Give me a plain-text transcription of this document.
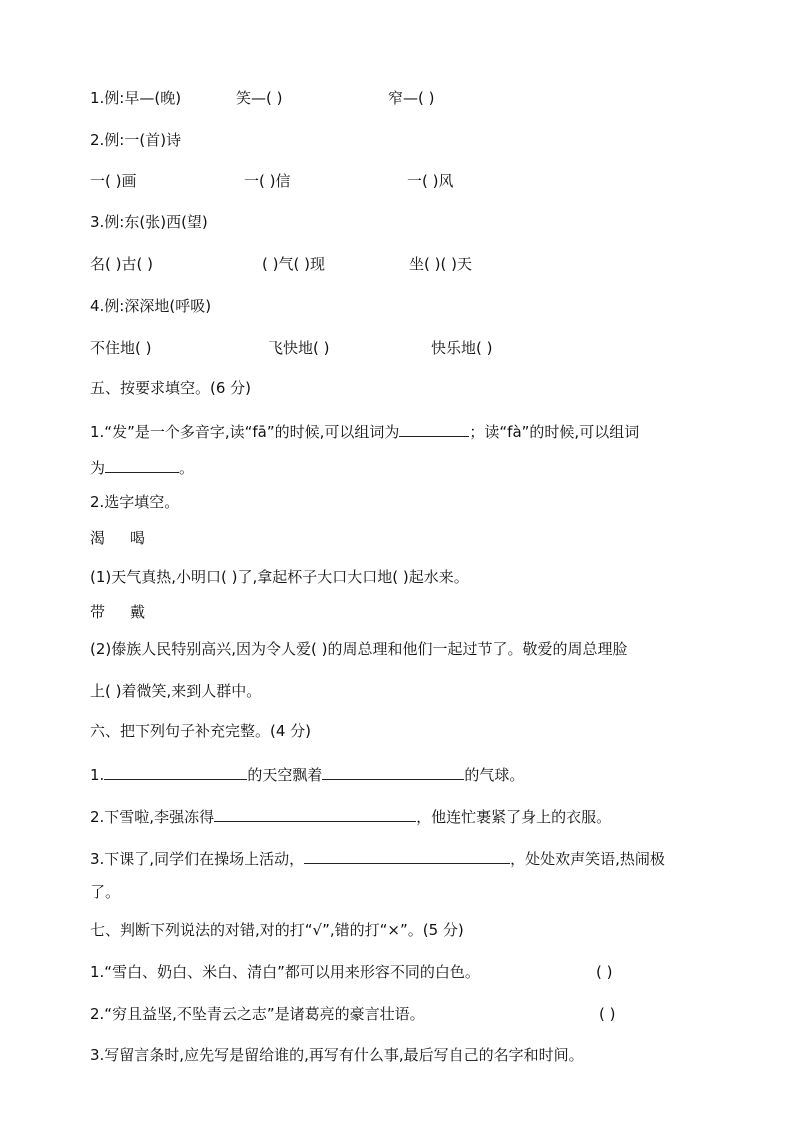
1.例:早—(晚)	笑—( )	窄—( )
2.例:一(首)诗
一( )画	一( )信	一( )风
3.例:东(张)西(望)
名( )古( )	( )气( )现	坐( )( )天
4.例:深深地(呼吸)
不住地( )	飞快地( )	快乐地( )
五、按要求填空。(6 分)
1.“发”是一个多音字,读“fā”的时候,可以组词为	；读“fà”的时候,可以组词
为	。
2.选字填空。
渴 喝
(1)天气真热,小明口( )了,拿起杯子大口大口地( )起水来。
带 戴
(2)傣族人民特别高兴,因为令人爱( )的周总理和他们一起过节了。敬爱的周总理脸
上( )着微笑,来到人群中。
六、把下列句子补充完整。(4 分)
1.	的天空飘着	的气球。
2.下雪啦,李强冻得	，他连忙裹紧了身上的衣服。
3.下课了,同学们在操场上活动，	，处处欢声笑语,热闹极
了。
七、判断下列说法的对错,对的打“√”,错的打“×”。(5 分)
1.“雪白、奶白、米白、清白”都可以用来形容不同的白色。	( )
2.“穷且益坚,不坠青云之志”是诸葛亮的豪言壮语。	( )
3.写留言条时,应先写是留给谁的,再写有什么事,最后写自己的名字和时间。
